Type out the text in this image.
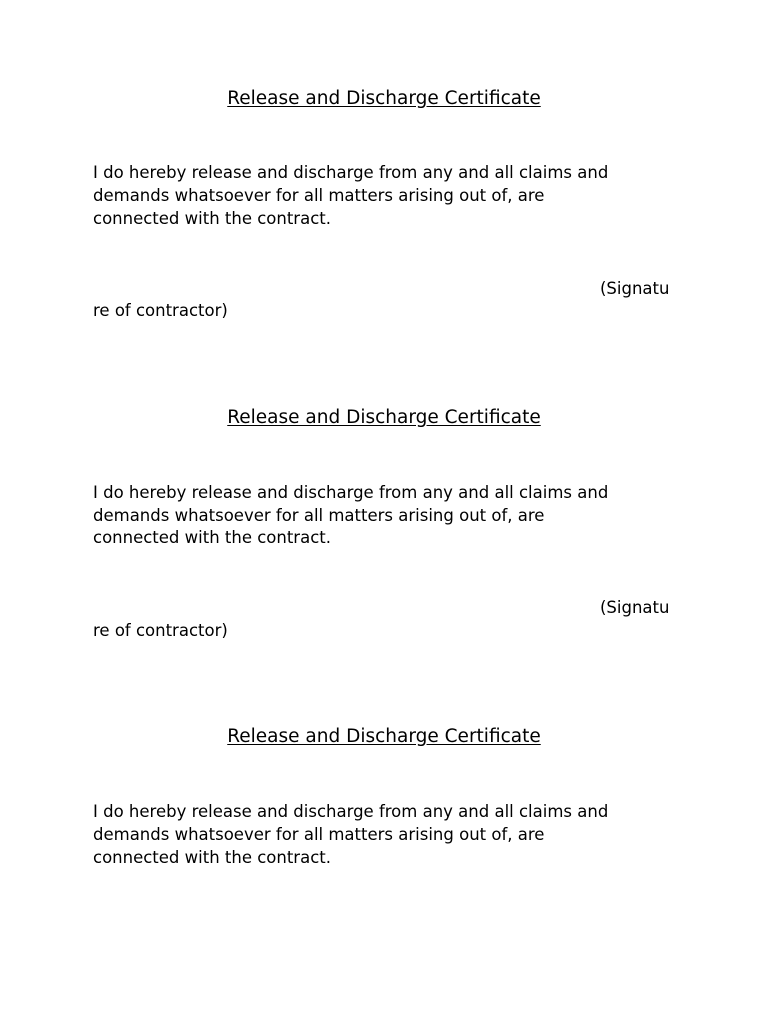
Release and Discharge Certificate

I do hereby release and discharge from any and all claims and

demands whatsoever for all matters arising out of, are

connected with the contract.

(Signatu

re of contractor)

Release and Discharge Certificate

I do hereby release and discharge from any and all claims and

demands whatsoever for all matters arising out of, are

connected with the contract.

(Signatu

re of contractor)

Release and Discharge Certificate

I do hereby release and discharge from any and all claims and

demands whatsoever for all matters arising out of, are

connected with the contract.
